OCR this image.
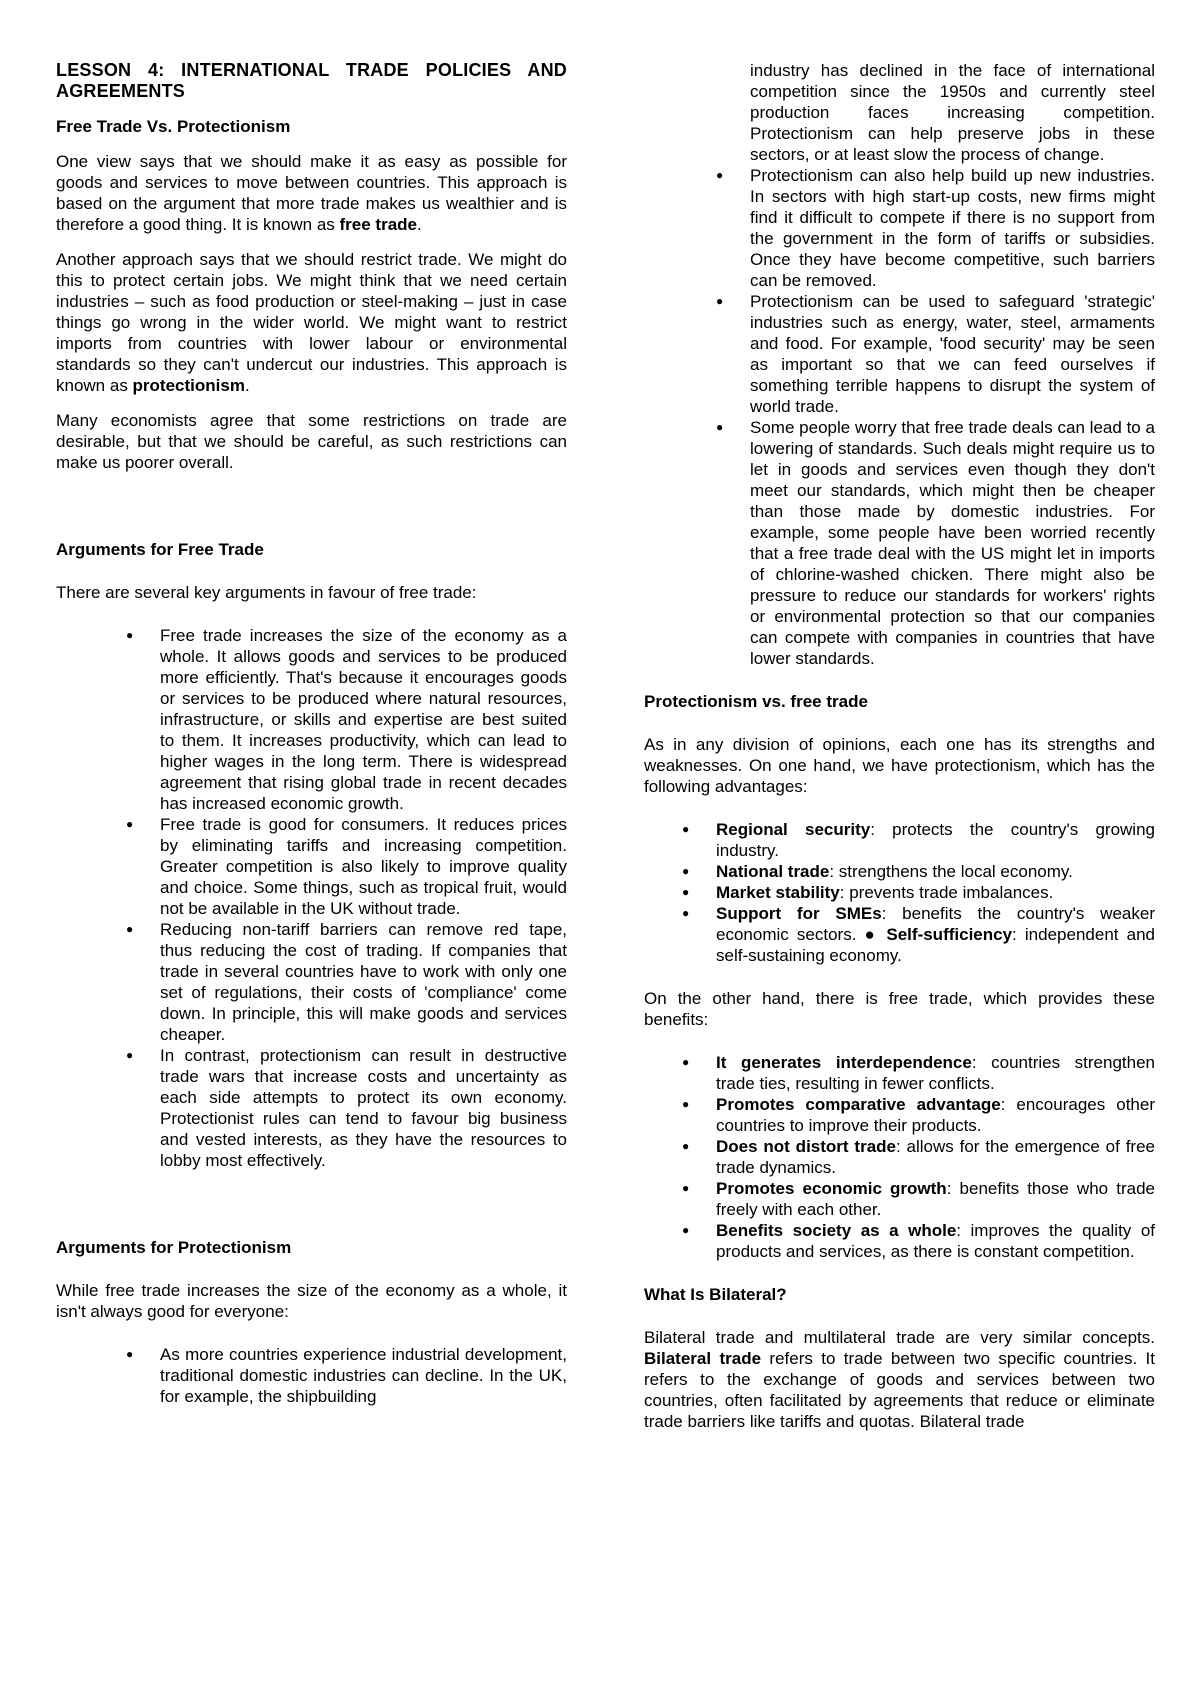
LESSON 4: INTERNATIONAL TRADE POLICIES AND AGREEMENTS
Free Trade Vs. Protectionism

One view says that we should make it as easy as possible for goods and services to move between countries. This approach is based on the argument that more trade makes us wealthier and is therefore a good thing. It is known as free trade.

Another approach says that we should restrict trade. We might do this to protect certain jobs. We might think that we need certain industries – such as food production or steel-making – just in case things go wrong in the wider world. We might want to restrict imports from countries with lower labour or environmental standards so they can't undercut our industries. This approach is known as protectionism.

Many economists agree that some restrictions on trade are desirable, but that we should be careful, as such restrictions can make us poorer overall.

Arguments for Free Trade

There are several key arguments in favour of free trade:

● Free trade increases the size of the economy as a whole. It allows goods and services to be produced more efficiently. That's because it encourages goods or services to be produced where natural resources, infrastructure, or skills and expertise are best suited to them. It increases productivity, which can lead to higher wages in the long term. There is widespread agreement that rising global trade in recent decades has increased economic growth.
● Free trade is good for consumers. It reduces prices by eliminating tariffs and increasing competition. Greater competition is also likely to improve quality and choice. Some things, such as tropical fruit, would not be available in the UK without trade.
● Reducing non-tariff barriers can remove red tape, thus reducing the cost of trading. If companies that trade in several countries have to work with only one set of regulations, their costs of 'compliance' come down. In principle, this will make goods and services cheaper.
● In contrast, protectionism can result in destructive trade wars that increase costs and uncertainty as each side attempts to protect its own economy. Protectionist rules can tend to favour big business and vested interests, as they have the resources to lobby most effectively.
Arguments for Protectionism

While free trade increases the size of the economy as a whole, it isn't always good for everyone:

● As more countries experience industrial development, traditional domestic industries can decline. In the UK, for example, the shipbuilding
industry has declined in the face of international competition since the 1950s and currently steel production faces increasing competition. Protectionism can help preserve jobs in these sectors, or at least slow the process of change.
● Protectionism can also help build up new industries. In sectors with high start-up costs, new firms might find it difficult to compete if there is no support from the government in the form of tariffs or subsidies. Once they have become competitive, such barriers can be removed.
● Protectionism can be used to safeguard 'strategic' industries such as energy, water, steel, armaments and food. For example, 'food security' may be seen as important so that we can feed ourselves if something terrible happens to disrupt the system of world trade.
● Some people worry that free trade deals can lead to a lowering of standards. Such deals might require us to let in goods and services even though they don't meet our standards, which might then be cheaper than those made by domestic industries. For example, some people have been worried recently that a free trade deal with the US might let in imports of chlorine-washed chicken. There might also be pressure to reduce our standards for workers' rights or environmental protection so that our companies can compete with companies in countries that have lower standards.
Protectionism vs. free trade

As in any division of opinions, each one has its strengths and weaknesses. On one hand, we have protectionism, which has the following advantages:

● Regional security: protects the country's growing industry.
● National trade: strengthens the local economy.
● Market stability: prevents trade imbalances.
● Support for SMEs: benefits the country's weaker economic sectors. ● Self-sufficiency: independent and self-sustaining economy.

On the other hand, there is free trade, which provides these benefits:

● It generates interdependence: countries strengthen trade ties, resulting in fewer conflicts.
● Promotes comparative advantage: encourages other countries to improve their products.
● Does not distort trade: allows for the emergence of free trade dynamics.
● Promotes economic growth: benefits those who trade freely with each other.
● Benefits society as a whole: improves the quality of products and services, as there is constant competition.
What Is Bilateral?

Bilateral trade and multilateral trade are very similar concepts. Bilateral trade refers to trade between two specific countries. It refers to the exchange of goods and services between two countries, often facilitated by agreements that reduce or eliminate trade barriers like tariffs and quotas. Bilateral trade
